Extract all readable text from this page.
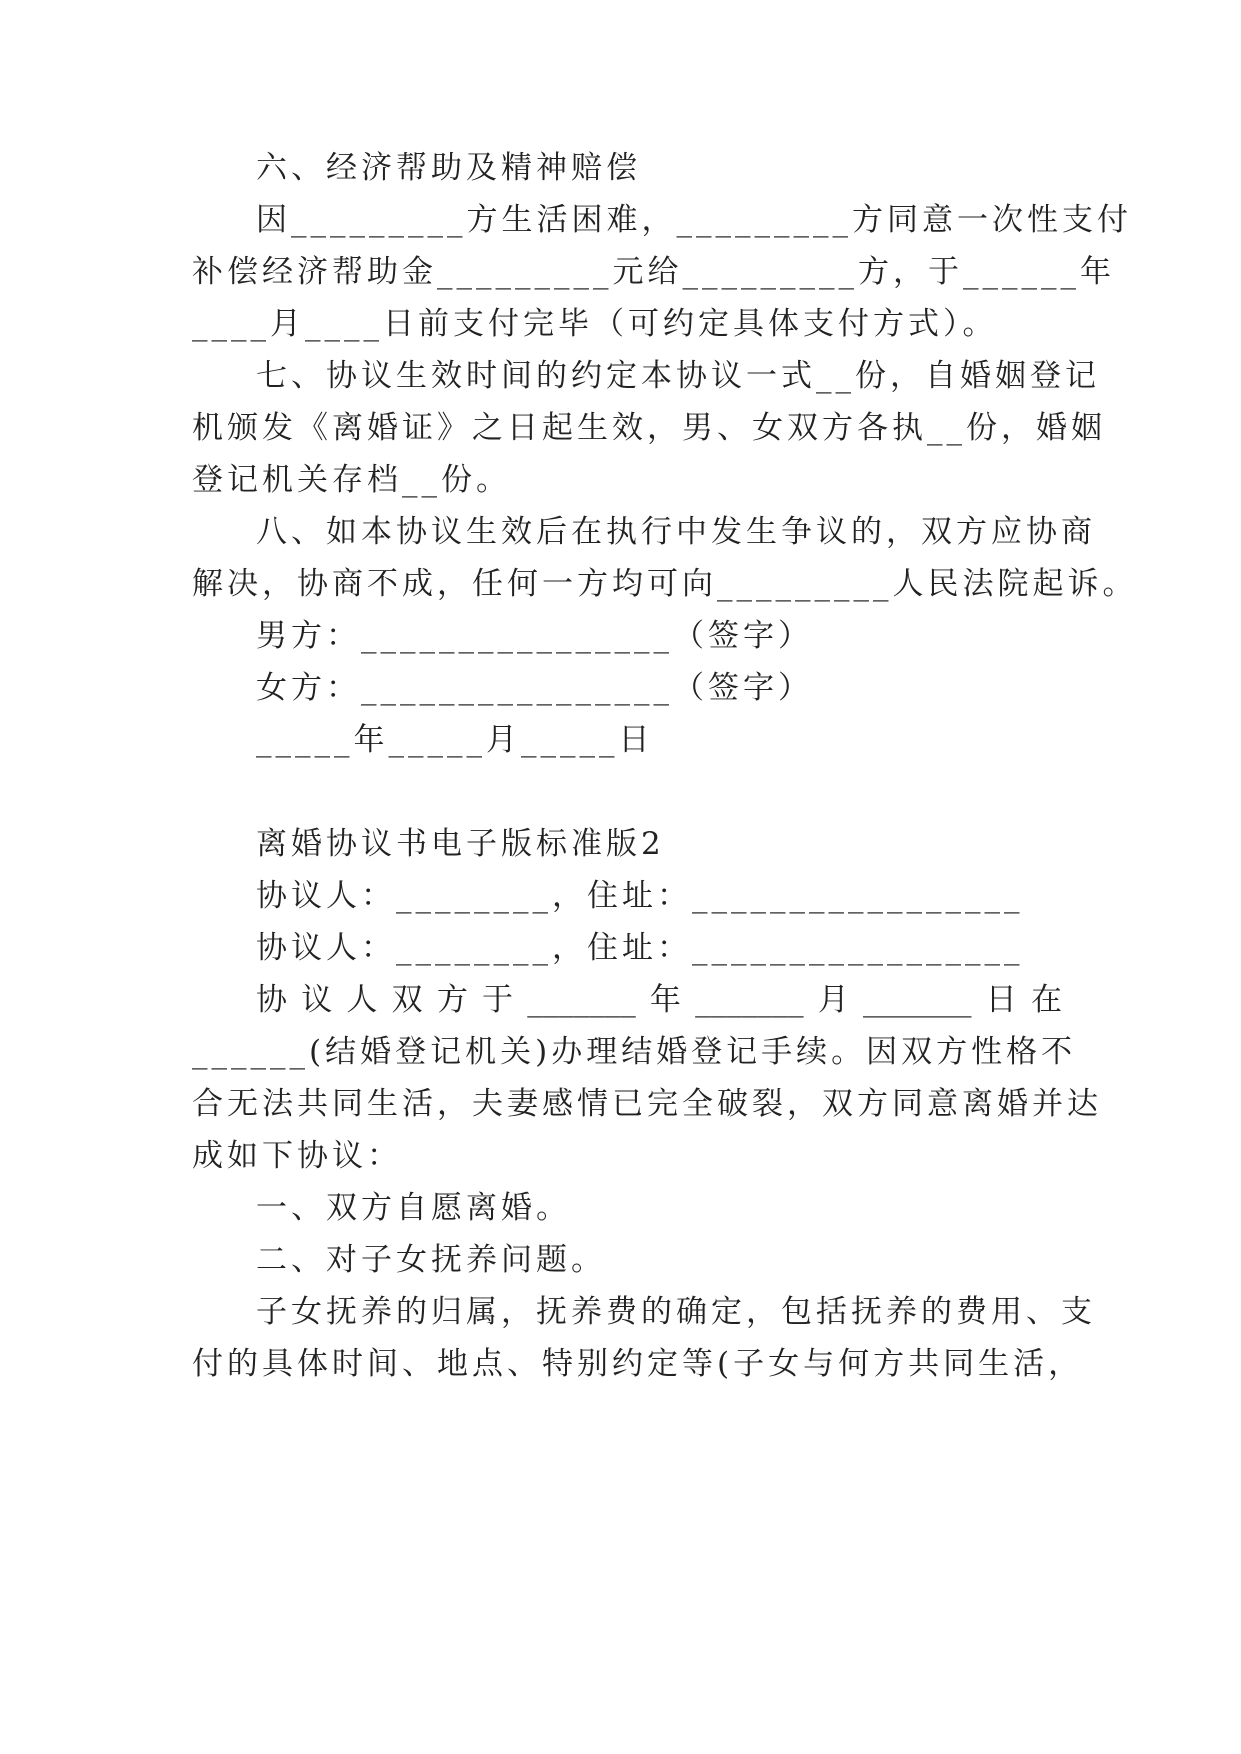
六、经济帮助及精神赔偿
因_________方生活困难，_________方同意一次性支付
补偿经济帮助金_________元给_________方，于______年
____月____日前支付完毕（可约定具体支付方式）。
七、协议生效时间的约定本协议一式__份，自婚姻登记
机颁发《离婚证》之日起生效，男、女双方各执__份，婚姻
登记机关存档__份。
八、如本协议生效后在执行中发生争议的，双方应协商
解决，协商不成，任何一方均可向_________人民法院起诉。
男方：________________（签字）
女方：________________（签字）
_____年_____月_____日
离婚协议书电子版标准版2
协议人：________，住址：_________________
协议人：________，住址：_________________
协 议 人 双 方 于 _______ 年 _______ 月 _______ 日 在
______(结婚登记机关)办理结婚登记手续。因双方性格不
合无法共同生活，夫妻感情已完全破裂，双方同意离婚并达
成如下协议：
一、双方自愿离婚。
二、对子女抚养问题。
子女抚养的归属，抚养费的确定，包括抚养的费用、支
付的具体时间、地点、特别约定等(子女与何方共同生活，
